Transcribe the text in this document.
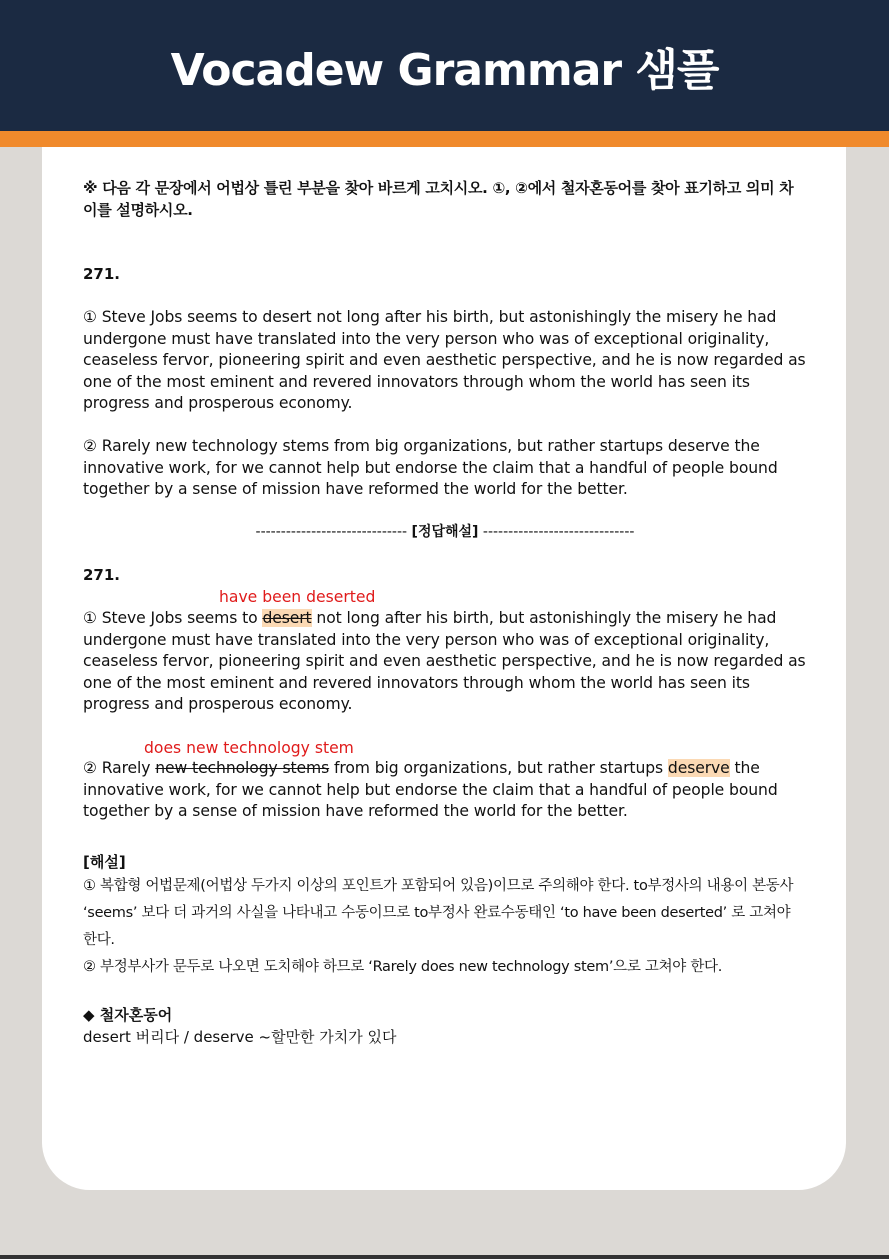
Vocadew Grammar 샘플
※ 다음 각 문장에서 어법상 틀린 부분을 찾아 바르게 고치시오. ①, ②에서 철자혼동어를 찾아 표기하고 의미 차이를 설명하시오.
271.
① Steve Jobs seems to desert not long after his birth, but astonishingly the misery he had undergone must have translated into the very person who was of exceptional originality, ceaseless fervor, pioneering spirit and even aesthetic perspective, and he is now regarded as one of the most eminent and revered innovators through whom the world has seen its progress and prosperous economy.
② Rarely new technology stems from big organizations, but rather startups deserve the innovative work, for we cannot help but endorse the claim that a handful of people bound together by a sense of mission have reformed the world for the better.
------------------------------ [정답해설] ------------------------------
271.
have been deserted
① Steve Jobs seems to desert not long after his birth, but astonishingly the misery he had undergone must have translated into the very person who was of exceptional originality, ceaseless fervor, pioneering spirit and even aesthetic perspective, and he is now regarded as one of the most eminent and revered innovators through whom the world has seen its progress and prosperous economy.
does new technology stem
② Rarely new technology stems from big organizations, but rather startups deserve the innovative work, for we cannot help but endorse the claim that a handful of people bound together by a sense of mission have reformed the world for the better.
[해설]
① 복합형 어법문제(어법상 두가지 이상의 포인트가 포함되어 있음)이므로 주의해야 한다. to부정사의 내용이 본동사 ‘seems’ 보다 더 과거의 사실을 나타내고 수동이므로 to부정사 완료수동태인 ‘to have been deserted’ 로 고쳐야 한다.
② 부정부사가 문두로 나오면 도치해야 하므로 ‘Rarely does new technology stem’으로 고쳐야 한다.
◆ 철자혼동어
desert 버리다 / deserve ~할만한 가치가 있다
